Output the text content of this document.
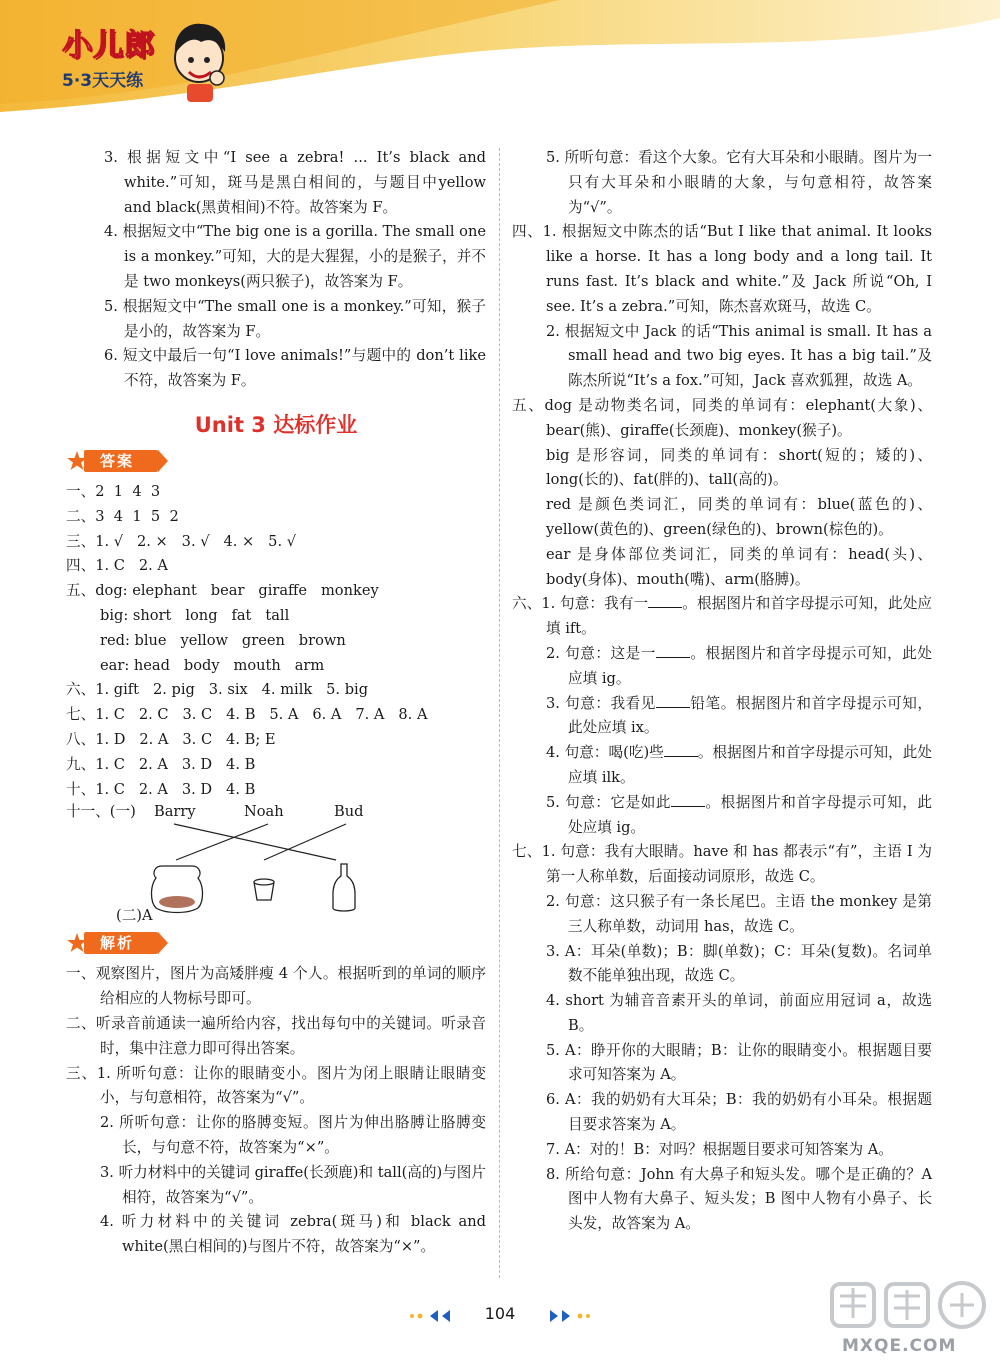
小儿郎
5·3天天练

3. 根据短文中“I see a zebra! ... It’s black and white.”可知，斑马是黑白相间的，与题目中yellow and black(黑黄相间)不符。故答案为 F。

4. 根据短文中“The big one is a gorilla. The small one is a monkey.”可知，大的是大猩猩，小的是猴子，并不是 two monkeys(两只猴子)，故答案为 F。

5. 根据短文中“The small one is a monkey.”可知，猴子是小的，故答案为 F。

6. 短文中最后一句“I love animals!”与题中的 don’t like 不符，故答案为 F。

Unit 3 达标作业
答案
一、2  1  4  3
二、3  4  1  5  2
三、1. √   2. ×   3. √   4. ×   5. √
四、1. C   2. A
五、dog: elephant   bear   giraffe   monkey
big: short   long   fat   tall
red: blue   yellow   green   brown
ear: head   body   mouth   arm
六、1. gift   2. pig   3. six   4. milk   5. big
七、1. C   2. C   3. C   4. B   5. A   6. A   7. A   8. A
八、1. D   2. A   3. C   4. B; E
九、1. C   2. A   3. D   4. B
十、1. C   2. A   3. D   4. B
十一、(一) Barry	Noah	Bud
(二)A
解析

一、观察图片，图片为高矮胖瘦 4 个人。根据听到的单词的顺序给相应的人物标号即可。

二、听录音前通读一遍所给内容，找出每句中的关键词。听录音时，集中注意力即可得出答案。

三、1. 所听句意：让你的眼睛变小。图片为闭上眼睛让眼睛变小，与句意相符，故答案为“√”。

2. 所听句意：让你的胳膊变短。图片为伸出胳膊让胳膊变长，与句意不符，故答案为“×”。

3. 听力材料中的关键词 giraffe(长颈鹿)和 tall(高的)与图片相符，故答案为“√”。

4. 听力材料中的关键词 zebra(斑马)和 black and white(黑白相间的)与图片不符，故答案为“×”。

5. 所听句意：看这个大象。它有大耳朵和小眼睛。图片为一只有大耳朵和小眼睛的大象，与句意相符，故答案为“√”。

四、1. 根据短文中陈杰的话“But I like that animal. It looks like a horse. It has a long body and a long tail. It runs fast. It’s black and white.”及 Jack 所说“Oh, I see. It’s a zebra.”可知，陈杰喜欢斑马，故选 C。

2. 根据短文中 Jack 的话“This animal is small. It has a small head and two big eyes. It has a big tail.”及陈杰所说“It’s a fox.”可知，Jack 喜欢狐狸，故选 A。

五、dog 是动物类名词，同类的单词有：elephant(大象)、bear(熊)、giraffe(长颈鹿)、monkey(猴子)。

big 是形容词，同类的单词有：short(短的；矮的)、long(长的)、fat(胖的)、tall(高的)。

red 是颜色类词汇，同类的单词有：blue(蓝色的)、yellow(黄色的)、green(绿色的)、brown(棕色的)。

ear 是身体部位类词汇，同类的单词有：head(头)、body(身体)、mouth(嘴)、arm(胳膊)。

六、1. 句意：我有一 。根据图片和首字母提示可知，此处应填 ift。

2. 句意：这是一 。根据图片和首字母提示可知，此处应填 ig。

3. 句意：我看见 铅笔。根据图片和首字母提示可知，此处应填 ix。

4. 句意：喝(吃)些 。根据图片和首字母提示可知，此处应填 ilk。

5. 句意：它是如此 。根据图片和首字母提示可知，此处应填 ig。

七、1. 句意：我有大眼睛。have 和 has 都表示“有”，主语 I 为第一人称单数，后面接动词原形，故选 C。

2. 句意：这只猴子有一条长尾巴。主语 the monkey 是第三人称单数，动词用 has，故选 C。

3. A：耳朵(单数)；B：脚(单数)；C：耳朵(复数)。名词单数不能单独出现，故选 C。

4. short 为辅音音素开头的单词，前面应用冠词 a，故选 B。

5. A：睁开你的大眼睛；B：让你的眼睛变小。根据题目要求可知答案为 A。

6. A：我的奶奶有大耳朵；B：我的奶奶有小耳朵。根据题目要求答案为 A。

7. A：对的！B：对吗？根据题目要求可知答案为 A。

8. 所给句意：John 有大鼻子和短头发。哪个是正确的？A 图中人物有大鼻子、短头发；B 图中人物有小鼻子、长头发，故答案为 A。

104
MXQE.COM
